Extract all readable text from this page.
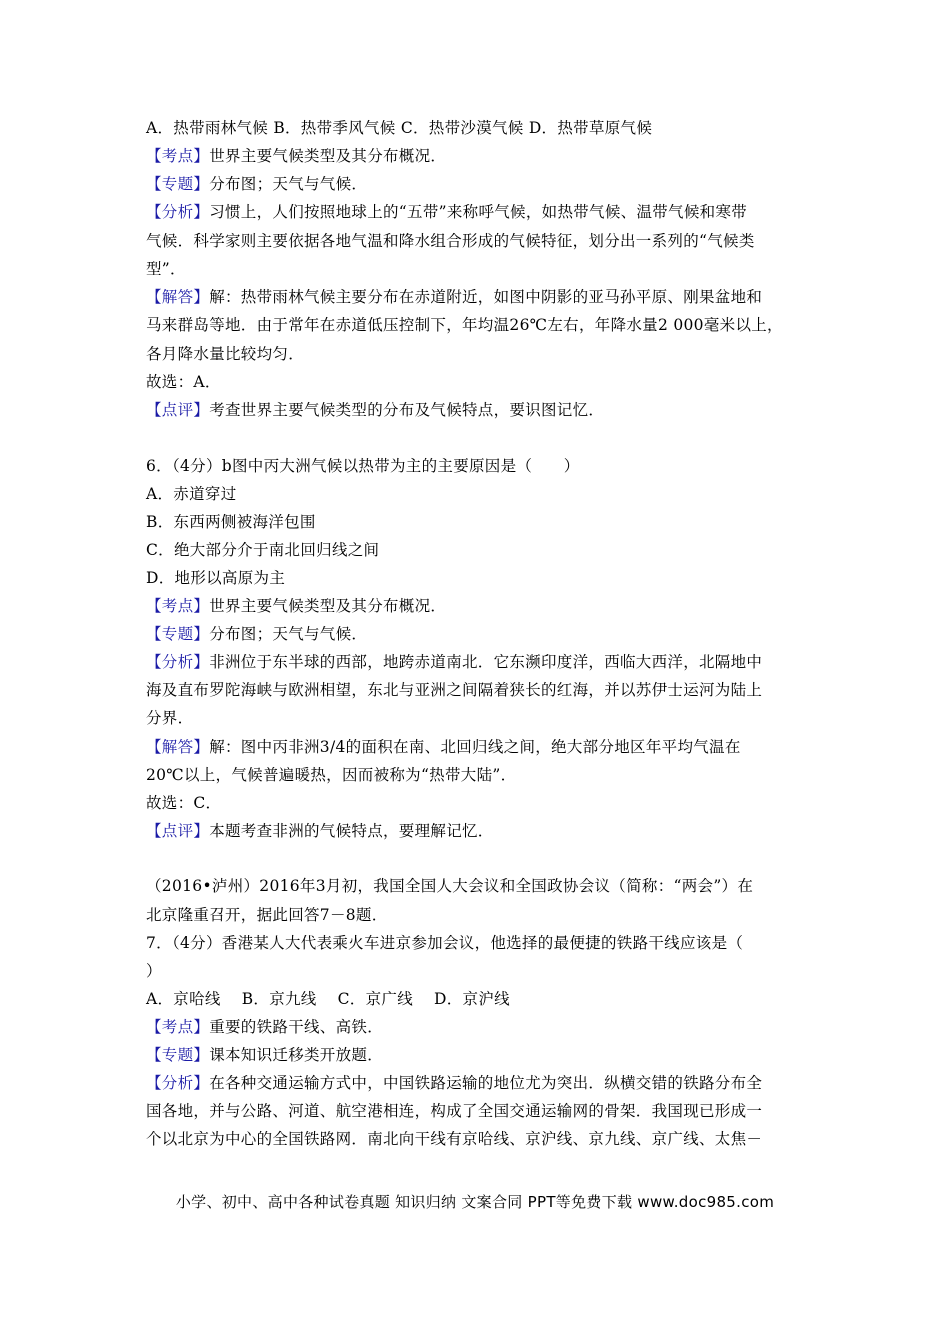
A．热带雨林气候 B．热带季风气候 C．热带沙漠气候 D．热带草原气候
【考点】世界主要气候类型及其分布概况．
【专题】分布图；天气与气候．
【分析】习惯上，人们按照地球上的“五带”来称呼气候，如热带气候、温带气候和寒带
气候．科学家则主要依据各地气温和降水组合形成的气候特征，划分出一系列的“气候类
型”．
【解答】解：热带雨林气候主要分布在赤道附近，如图中阴影的亚马孙平原、刚果盆地和
马来群岛等地．由于常年在赤道低压控制下，年均温26℃左右，年降水量2 000毫米以上，
各月降水量比较均匀．
故选：A．
【点评】考查世界主要气候类型的分布及气候特点，要识图记忆．
6．（4分）b图中丙大洲气候以热带为主的主要原因是（　　）
A．赤道穿过
B．东西两侧被海洋包围
C．绝大部分介于南北回归线之间
D．地形以高原为主
【考点】世界主要气候类型及其分布概况．
【专题】分布图；天气与气候．
【分析】非洲位于东半球的西部，地跨赤道南北．它东濒印度洋，西临大西洋，北隔地中
海及直布罗陀海峡与欧洲相望，东北与亚洲之间隔着狭长的红海，并以苏伊士运河为陆上
分界．
【解答】解：图中丙非洲3/4的面积在南、北回归线之间，绝大部分地区年平均气温在
20℃以上，气候普遍暖热，因而被称为“热带大陆”．
故选：C．
【点评】本题考查非洲的气候特点，要理解记忆．
（2016•泸州）2016年3月初，我国全国人大会议和全国政协会议（简称：“两会”）在
北京隆重召开，据此回答7－8题．
7．（4分）香港某人大代表乘火车进京参加会议，他选择的最便捷的铁路干线应该是（
）
A．京哈线　 B．京九线　 C．京广线　 D．京沪线
【考点】重要的铁路干线、高铁．
【专题】课本知识迁移类开放题．
【分析】在各种交通运输方式中，中国铁路运输的地位尤为突出．纵横交错的铁路分布全
国各地，并与公路、河道、航空港相连，构成了全国交通运输网的骨架．我国现已形成一
个以北京为中心的全国铁路网．南北向干线有京哈线、京沪线、京九线、京广线、太焦－
小学、初中、高中各种试卷真题 知识归纳 文案合同 PPT等免费下载 www.doc985.com
